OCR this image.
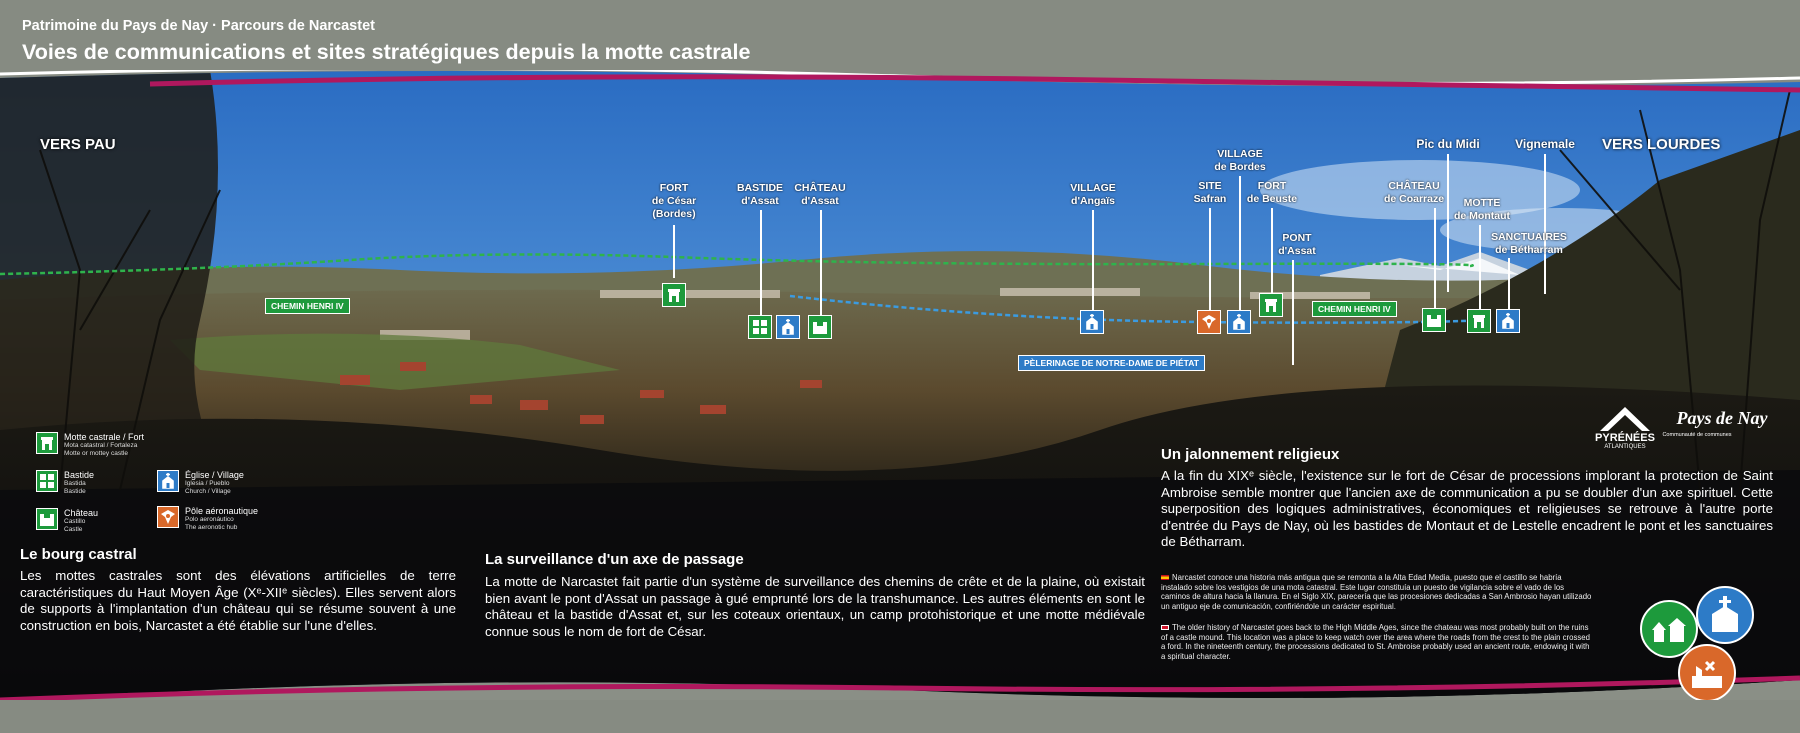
Patrimoine du Pays de Nay · Parcours de Narcastet
Voies de communications et sites stratégiques depuis la motte castrale
VERS PAU	VERS LOURDES
FORT
de César
(Bordes)
BASTIDE
d'Assat
CHÂTEAU
d'Assat
VILLAGE
d'Angaïs
SITE
Safran
VILLAGE
de Bordes
FORT
de Beuste
PONT
d'Assat
CHÂTEAU
de Coarraze
Pic du Midi
MOTTE
de Montaut
Vignemale
SANCTUAIRES
de Bétharram
CHEMIN HENRI IV	CHEMIN HENRI IV
PÈLERINAGE DE NOTRE-DAME DE PIÉTAT
Motte castrale / Fort
Mota catastral / Fortaleza
Motte or mottey castle
Bastide
Bastida
Bastide
Château
Castillo
Castle
Église / Village
Iglesia / Pueblo
Church / Village
Pôle aéronautique
Polo aeronáutico
The aeronotic hub
Le bourg castral
Les mottes castrales sont des élévations artificielles de terre caractéristiques du Haut Moyen Âge (Xᵉ-XIIᵉ siècles). Elles servent alors de supports à l'implantation d'un château qui se résume souvent à une construction en bois, Narcastet a été établie sur l'une d'elles.
La surveillance d'un axe de passage
La motte de Narcastet fait partie d'un système de surveillance des chemins de crête et de la plaine, où existait bien avant le pont d'Assat un passage à gué emprunté lors de la transhumance. Les autres éléments en sont le château et la bastide d'Assat et, sur les coteaux orientaux, un camp protohistorique et une motte médiévale connue sous le nom de fort de César.
Un jalonnement religieux
A la fin du XIXᵉ siècle, l'existence sur le fort de César de processions implorant la protection de Saint Ambroise semble montrer que l'ancien axe de communication a pu se doubler d'un axe spirituel. Cette superposition des logiques administratives, économiques et religieuses se retrouve à l'autre porte d'entrée du Pays de Nay, où les bastides de Montaut et de Lestelle encadrent le pont et les sanctuaires de Bétharram.
Narcastet conoce una historia más antigua que se remonta a la Alta Edad Media, puesto que el castillo se habría instalado sobre los vestigios de una mota catastral. Este lugar constituía un puesto de vigilancia sobre el vado de los caminos de altura hacia la llanura. En el Siglo XIX, parecería que las procesiones dedicadas a San Ambrosio hayan utilizado un antiguo eje de comunicación, confiriéndole un carácter espiritual.
The older history of Narcastet goes back to the High Middle Ages, since the chateau was most probably built on the ruins of a castle mound. This location was a place to keep watch over the area where the roads from the crest to the plain crossed a ford. In the nineteenth century, the processions dedicated to St. Ambroise probably used an ancient route, endowing it with a spiritual character.
PYRÉNÉES
ATLANTIQUES
Pays de Nay
Communauté de communes
